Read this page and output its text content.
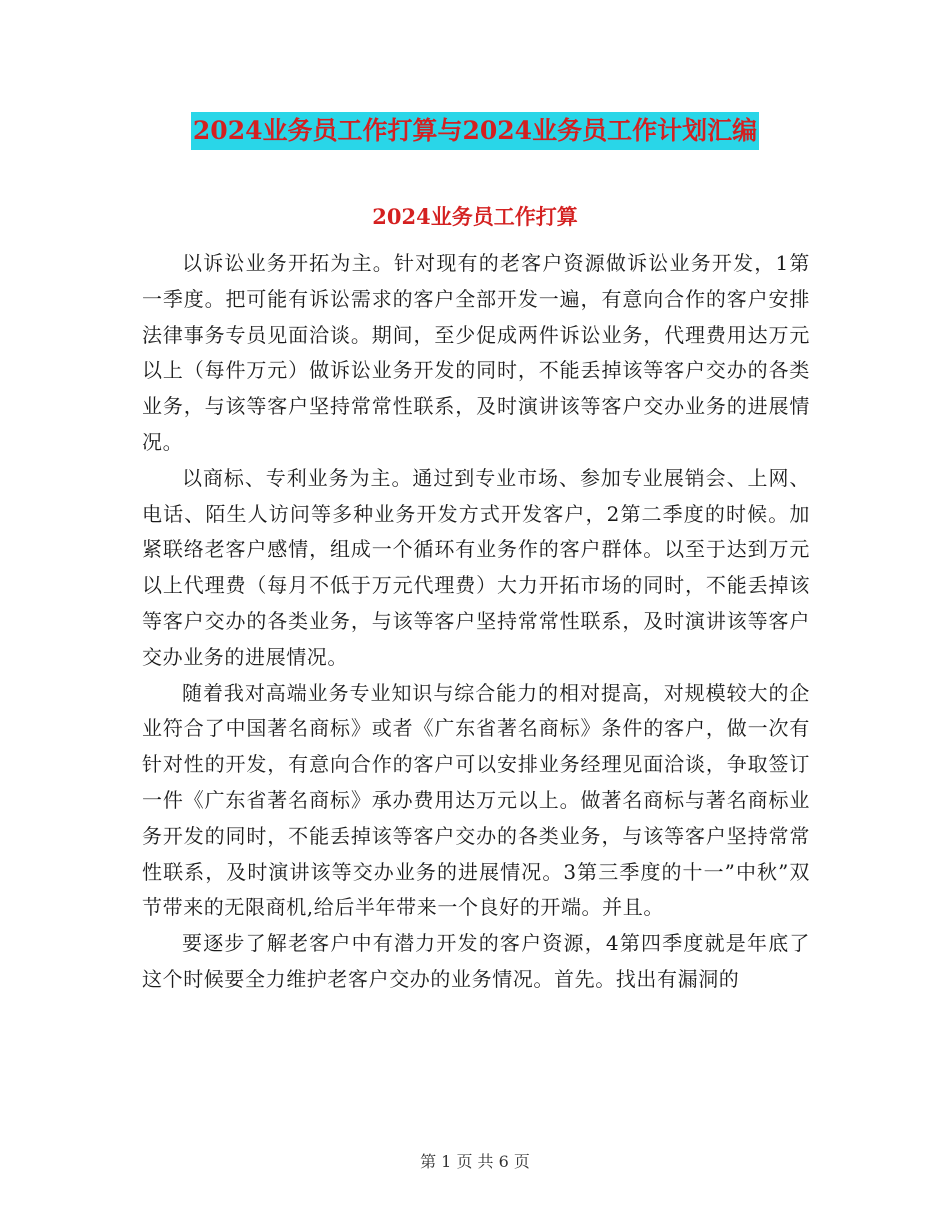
2024业务员工作打算与2024业务员工作计划汇编
2024业务员工作打算

以诉讼业务开拓为主。针对现有的老客户资源做诉讼业务开发，1第一季度。把可能有诉讼需求的客户全部开发一遍，有意向合作的客户安排法律事务专员见面洽谈。期间，至少促成两件诉讼业务，代理费用达万元以上（每件万元）做诉讼业务开发的同时，不能丢掉该等客户交办的各类业务，与该等客户坚持常常性联系，及时演讲该等客户交办业务的进展情况。

以商标、专利业务为主。通过到专业市场、参加专业展销会、上网、电话、陌生人访问等多种业务开发方式开发客户，2第二季度的时候。加紧联络老客户感情，组成一个循环有业务作的客户群体。以至于达到万元以上代理费（每月不低于万元代理费）大力开拓市场的同时，不能丢掉该等客户交办的各类业务，与该等客户坚持常常性联系，及时演讲该等客户交办业务的进展情况。

随着我对高端业务专业知识与综合能力的相对提高，对规模较大的企业符合了中国著名商标》或者《广东省著名商标》条件的客户，做一次有针对性的开发，有意向合作的客户可以安排业务经理见面洽谈，争取签订一件《广东省著名商标》承办费用达万元以上。做著名商标与著名商标业务开发的同时，不能丢掉该等客户交办的各类业务，与该等客户坚持常常性联系，及时演讲该等交办业务的进展情况。3第三季度的十一”中秋”双节带来的无限商机,给后半年带来一个良好的开端。并且。

要逐步了解老客户中有潜力开发的客户资源，4第四季度就是年底了这个时候要全力维护老客户交办的业务情况。首先。找出有漏洞的

第 1 页 共 6 页
